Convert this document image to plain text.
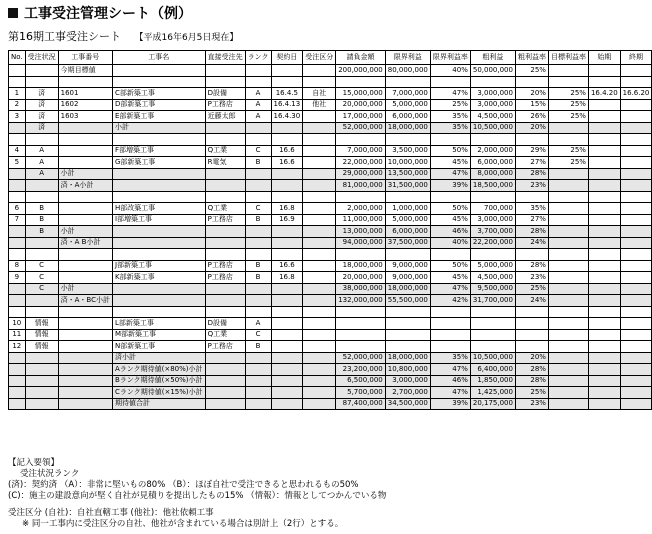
工事受注管理シート（例）
第16期工事受注シート 【平成16年6月5日現在】
No.	受注状況	工事番号	工事名	直接受注先	ランク	契約日	受注区分	請負金額	限界利益	限界利益率	粗利益	粗利益率	目標利益率	始期	終期
		今期目標値						200,000,000	80,000,000	40%	50,000,000	25%			

1	済	1601	C部新築工事	D設備	A	16.4.5	自社	15,000,000	7,000,000	47%	3,000,000	20%	25%	16.4.20	16.6.20
2	済	1602	D部新築工事	P工務店	A	16.4.13	他社	20,000,000	5,000,000	25%	3,000,000	15%	25%		
3	済	1603	E部新築工事	近藤太郎	A	16.4.30		17,000,000	6,000,000	35%	4,500,000	26%	25%		
	済		小計					52,000,000	18,000,000	35%	10,500,000	20%			

4	A		F部増築工事	Q工業	C	16.6		7,000,000	3,500,000	50%	2,000,000	29%	25%		
5	A		G部新築工事	R電気	B	16.6		22,000,000	10,000,000	45%	6,000,000	27%	25%		
	A	小計						29,000,000	13,500,000	47%	8,000,000	28%			
		済・A小計						81,000,000	31,500,000	39%	18,500,000	23%			

6	B		H部改築工事	Q工業	C	16.8		2,000,000	1,000,000	50%	700,000	35%			
7	B		I部増築工事	P工務店	B	16.9		11,000,000	5,000,000	45%	3,000,000	27%			
	B	小計						13,000,000	6,000,000	46%	3,700,000	28%			
		済・A B小計						94,000,000	37,500,000	40%	22,200,000	24%			

8	C		J部新築工事	P工務店	B	16.6		18,000,000	9,000,000	50%	5,000,000	28%			
9	C		K部新築工事	P工務店	B	16.8		20,000,000	9,000,000	45%	4,500,000	23%			
	C	小計						38,000,000	18,000,000	47%	9,500,000	25%			
		済・A・BC小計						132,000,000	55,500,000	42%	31,700,000	24%			

10	情報		L部新築工事	D設備	A										
11	情報		M部新築工事	Q工業	C										
12	情報		N部新築工事	P工務店	B										
			済小計					52,000,000	18,000,000	35%	10,500,000	20%			
			Aランク期待値(×80%)小計					23,200,000	10,800,000	47%	6,400,000	28%			
			Bランク期待値(×50%)小計					6,500,000	3,000,000	46%	1,850,000	28%			
			Cランク期待値(×15%)小計					5,700,000	2,700,000	47%	1,425,000	25%			
			期待値合計					87,400,000	34,500,000	39%	20,175,000	23%			
【記入要領】
受注状況ランク
(済)：契約済 （A）：非常に堅いもの80% （B）：ほぼ自社で受注できると思われるもの50%
(C)：施主の建設意向が堅く自社が見積りを提出したもの15% （情報）：情報としてつかんでいる物
受注区分 (自社)：自社直轄工事 (他社)：他社依頼工事
※ 同一工事内に受注区分の自社、他社が含まれている場合は別計上（2行）とする。
